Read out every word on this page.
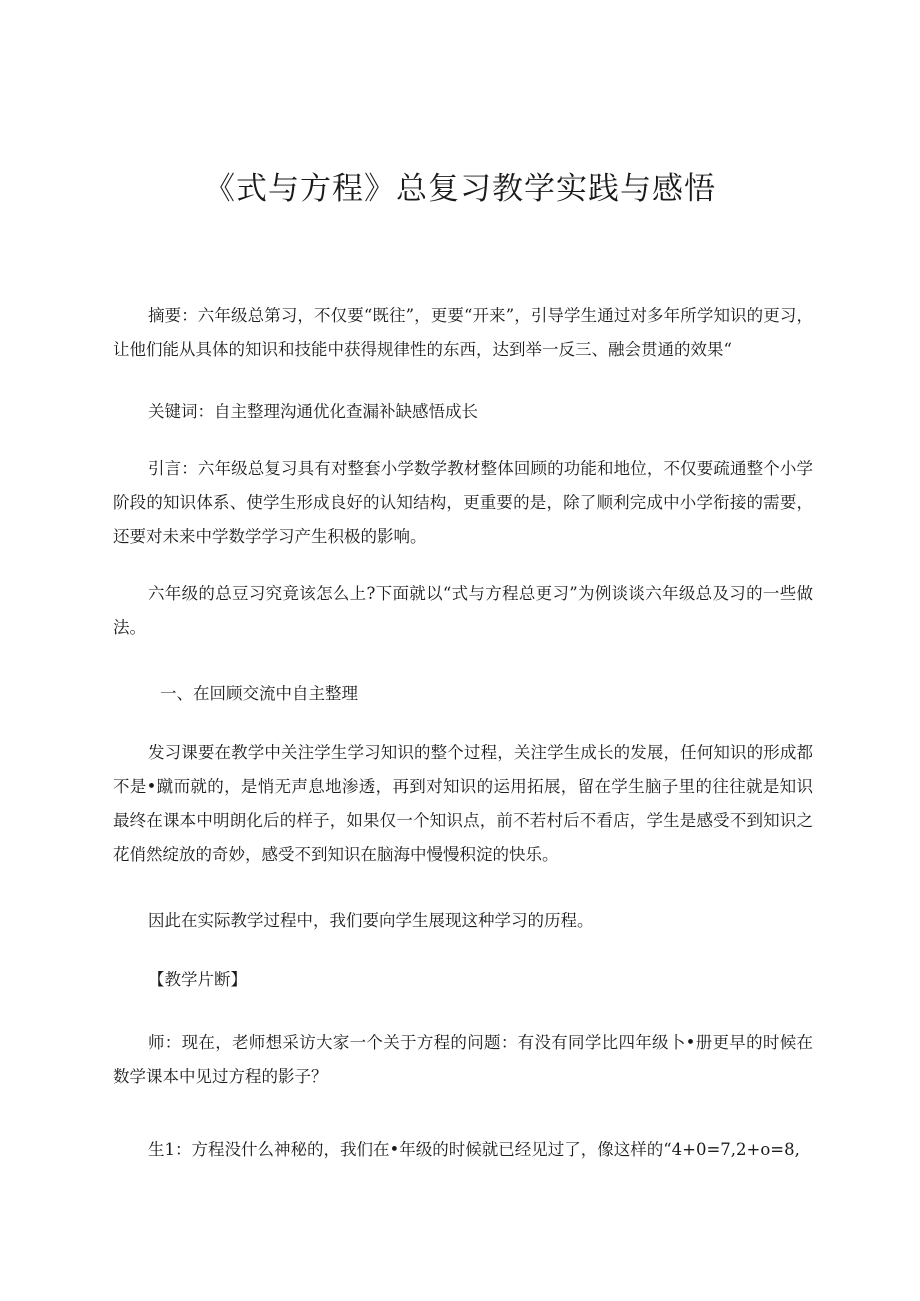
《式与方程》总复习教学实践与感悟
摘要：六年级总第习，不仅要“既往”，更要“开来”，引导学生通过对多年所学知识的更习，让他们能从具体的知识和技能中获得规律性的东西，达到举一反三、融会贯通的效果“
关键词：自主整理沟通优化查漏补缺感悟成长
引言：六年级总复习具有对整套小学数学教材整体回顾的功能和地位，不仅要疏通整个小学阶段的知识体系、使学生形成良好的认知结构，更重要的是，除了顺利完成中小学衔接的需要，还要对未来中学数学学习产生积极的影响。
六年级的总豆习究竟该怎么上?下面就以“式与方程总更习”为例谈谈六年级总及习的一些做法。
一、在回顾交流中自主整理
发习课要在教学中关注学生学习知识的整个过程，关注学生成长的发展，任何知识的形成都不是•蹴而就的，是悄无声息地渗透，再到对知识的运用拓展，留在学生脑子里的往往就是知识最终在课本中明朗化后的样子，如果仅一个知识点，前不若村后不看店，学生是感受不到知识之花俏然绽放的奇妙，感受不到知识在脑海中慢慢积淀的快乐。
因此在实际教学过程中，我们要向学生展现这种学习的历程。
【教学片断】
师：现在，老师想采访大家一个关于方程的问题：有没有同学比四年级卜•册更早的时候在数学课本中见过方程的影子？
生1：方程没什么神秘的，我们在•年级的时候就已经见过了，像这样的“4+0=7,2+o=8,
